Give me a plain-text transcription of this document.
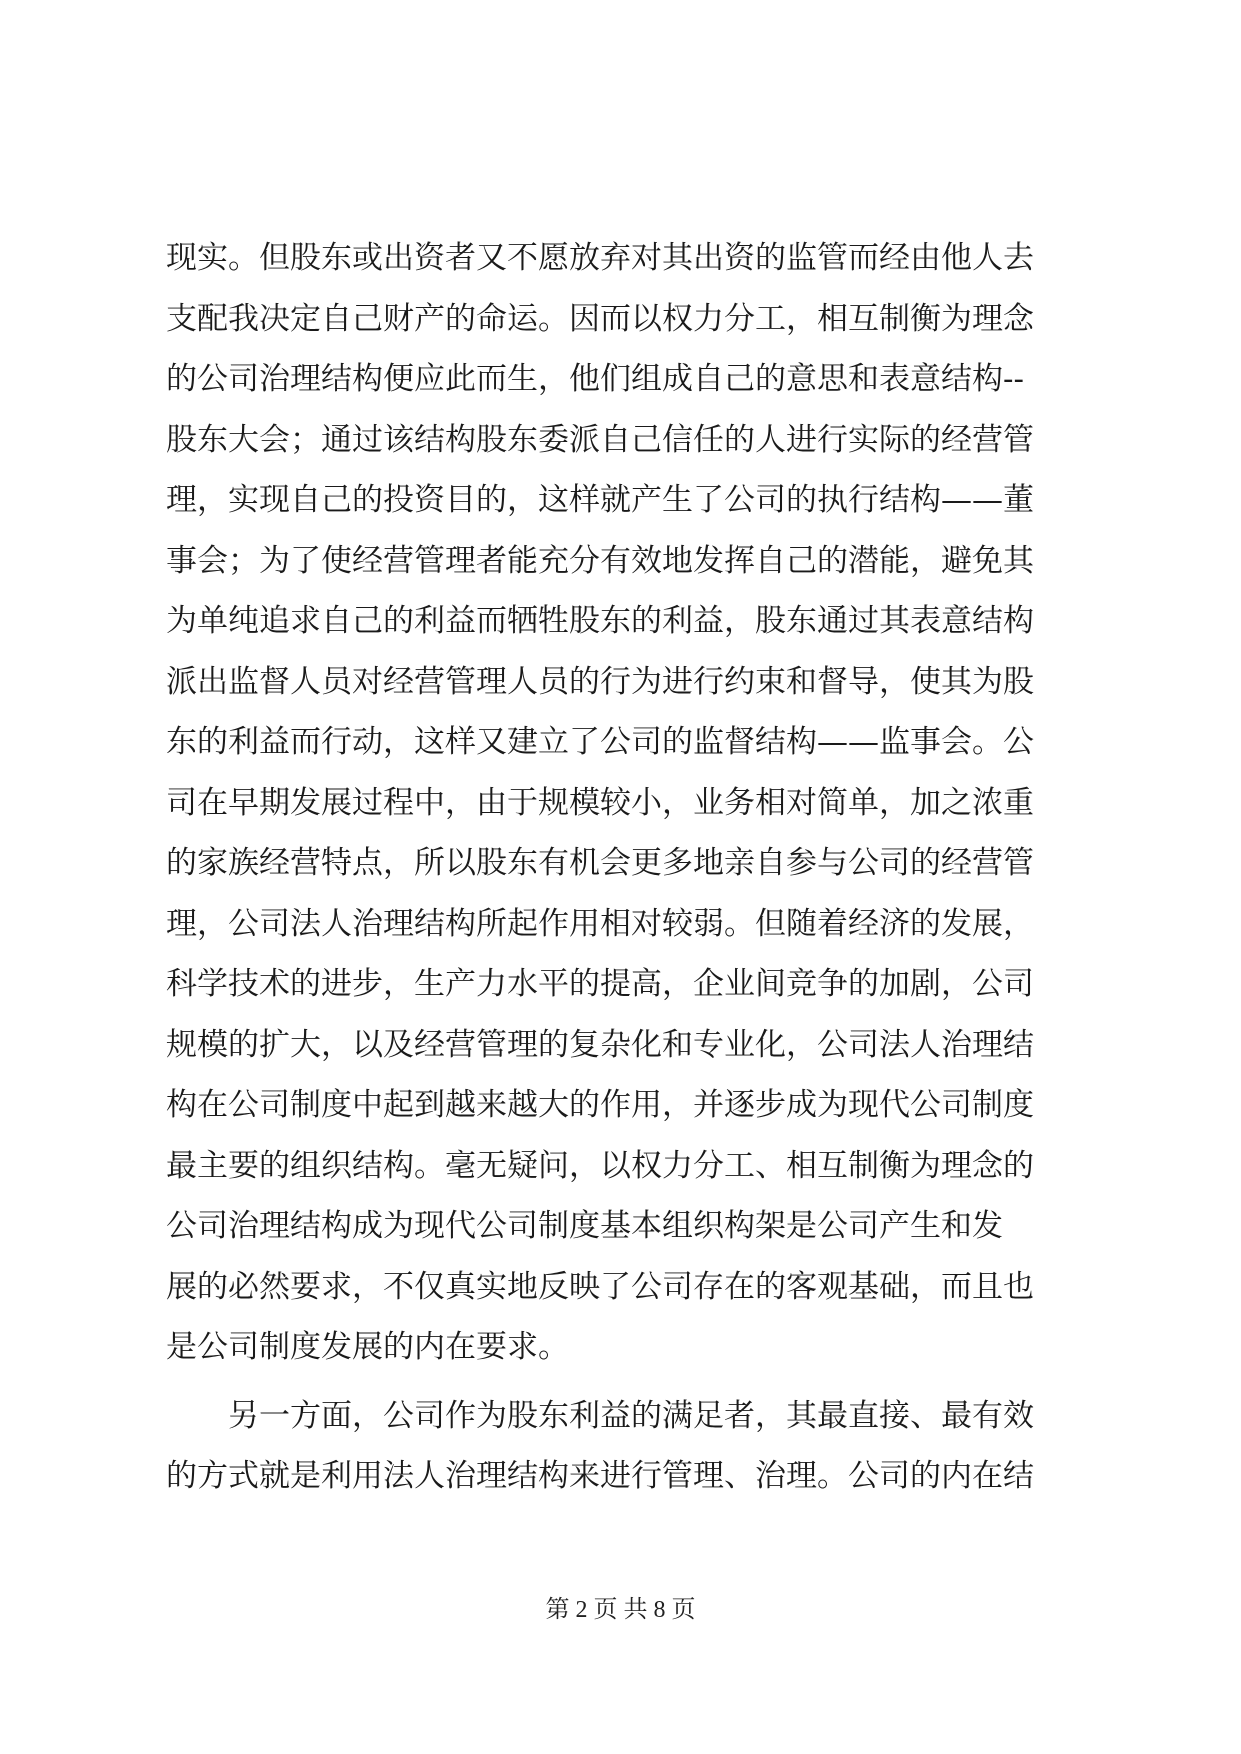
现实。但股东或出资者又不愿放弃对其出资的监管而经由他人去
支配我决定自己财产的命运。因而以权力分工，相互制衡为理念
的公司治理结构便应此而生，他们组成自己的意思和表意结构--
股东大会；通过该结构股东委派自己信任的人进行实际的经营管
理，实现自己的投资目的，这样就产生了公司的执行结构——董
事会；为了使经营管理者能充分有效地发挥自己的潜能，避免其
为单纯追求自己的利益而牺牲股东的利益，股东通过其表意结构
派出监督人员对经营管理人员的行为进行约束和督导，使其为股
东的利益而行动，这样又建立了公司的监督结构——监事会。公
司在早期发展过程中，由于规模较小，业务相对简单，加之浓重
的家族经营特点，所以股东有机会更多地亲自参与公司的经营管
理，公司法人治理结构所起作用相对较弱。但随着经济的发展，
科学技术的进步，生产力水平的提高，企业间竞争的加剧，公司
规模的扩大，以及经营管理的复杂化和专业化，公司法人治理结
构在公司制度中起到越来越大的作用，并逐步成为现代公司制度
最主要的组织结构。毫无疑问，以权力分工、相互制衡为理念的
公司治理结构成为现代公司制度基本组织构架是公司产生和发
展的必然要求，不仅真实地反映了公司存在的客观基础，而且也
是公司制度发展的内在要求。
另一方面，公司作为股东利益的满足者，其最直接、最有效
的方式就是利用法人治理结构来进行管理、治理。公司的内在结
第 2 页 共 8 页
